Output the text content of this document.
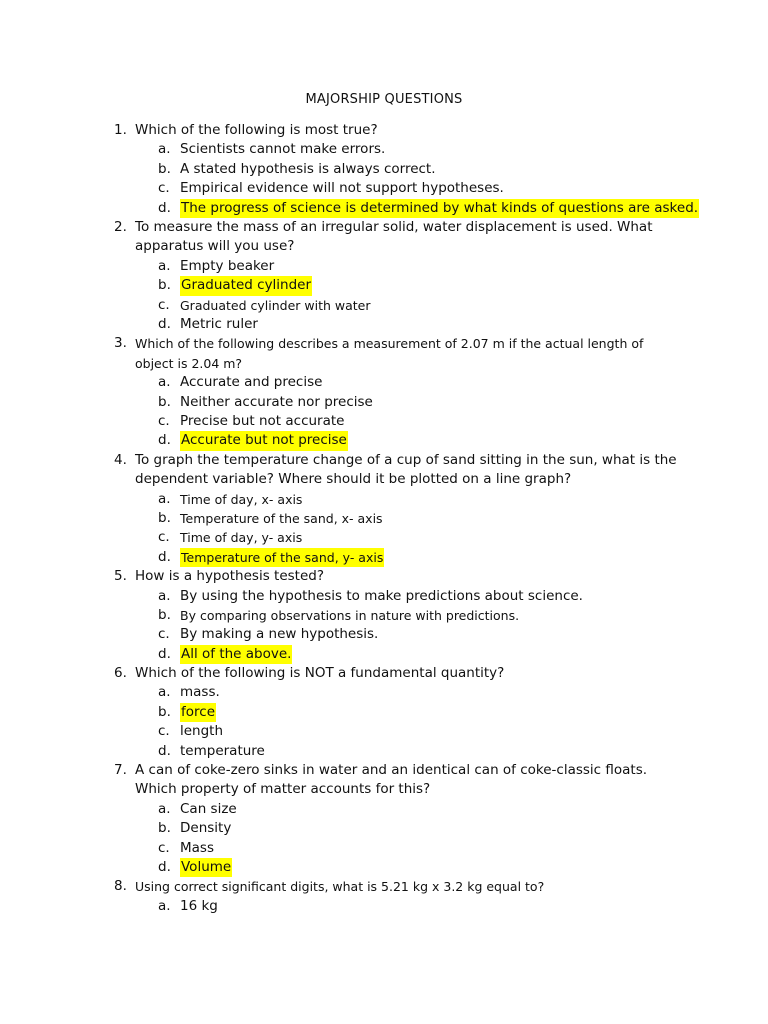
MAJORSHIP QUESTIONS
1. Which of the following is most true?
a. Scientists cannot make errors.
b. A stated hypothesis is always correct.
c. Empirical evidence will not support hypotheses.
d. The progress of science is determined by what kinds of questions are asked.
2. To measure the mass of an irregular solid, water displacement is used. What apparatus will you use?
a. Empty beaker
b. Graduated cylinder
c. Graduated cylinder with water
d. Metric ruler
3. Which of the following describes a measurement of 2.07 m if the actual length of object is 2.04 m?
a. Accurate and precise
b. Neither accurate nor precise
c. Precise but not accurate
d. Accurate but not precise
4. To graph the temperature change of a cup of sand sitting in the sun, what is the dependent variable? Where should it be plotted on a line graph?
a. Time of day, x- axis
b. Temperature of the sand, x- axis
c. Time of day, y- axis
d. Temperature of the sand, y- axis
5. How is a hypothesis tested?
a. By using the hypothesis to make predictions about science.
b. By comparing observations in nature with predictions.
c. By making a new hypothesis.
d. All of the above.
6. Which of the following is NOT a fundamental quantity?
a. mass.
b. force
c. length
d. temperature
7. A can of coke-zero sinks in water and an identical can of coke-classic floats. Which property of matter accounts for this?
a. Can size
b. Density
c. Mass
d. Volume
8. Using correct significant digits, what is 5.21 kg x 3.2 kg equal to?
a. 16 kg
